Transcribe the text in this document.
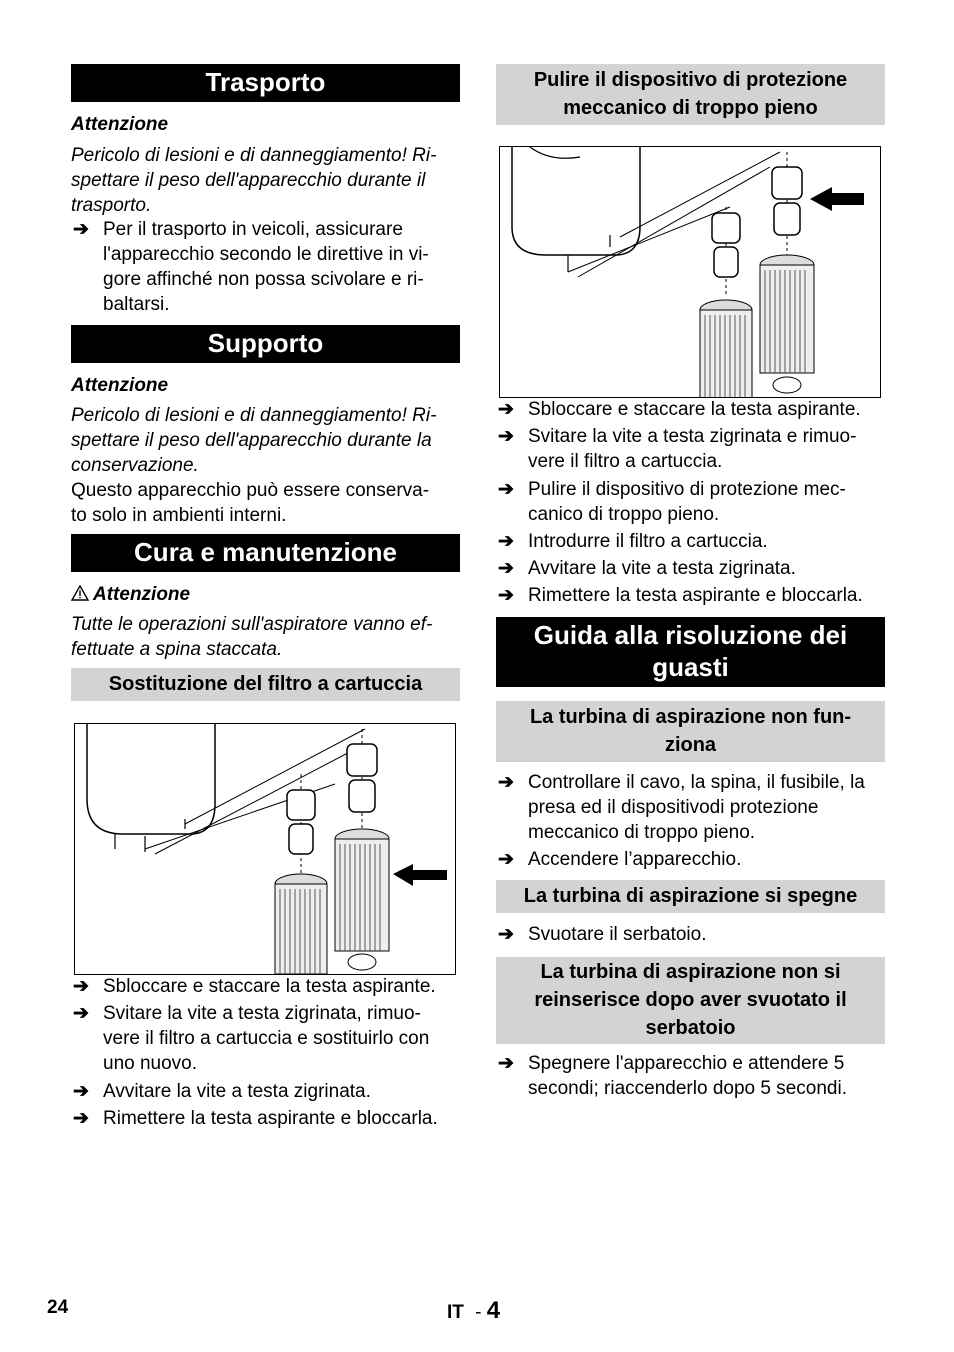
Trasporto
Attenzione
Pericolo di lesioni e di danneggiamento! Ri-
spettare il peso dell'apparecchio durante il
trasporto.
➔ Per il trasporto in veicoli, assicurare
l'apparecchio secondo le direttive in vi-
gore affinché non possa scivolare e ri-
baltarsi.
Supporto
Attenzione
Pericolo di lesioni e di danneggiamento! Ri-
spettare il peso dell'apparecchio durante la
conservazione.
Questo apparecchio può essere conserva-
to solo in ambienti interni.
Cura e manutenzione
Attenzione
Tutte le operazioni sull'aspiratore vanno ef-
fettuate a spina staccata.
Sostituzione del filtro a cartuccia
➔ Sbloccare e staccare la testa aspirante.
➔ Svitare la vite a testa zigrinata, rimuo-
vere il filtro a cartuccia e sostituirlo con
uno nuovo.
➔ Avvitare la vite a testa zigrinata.
➔ Rimettere la testa aspirante e bloccarla.
Pulire il dispositivo di protezione
meccanico di troppo pieno
➔ Sbloccare e staccare la testa aspirante.
➔ Svitare la vite a testa zigrinata e rimuo-
vere il filtro a cartuccia.
➔ Pulire il dispositivo di protezione mec-
canico di troppo pieno.
➔ Introdurre il filtro a cartuccia.
➔ Avvitare la vite a testa zigrinata.
➔ Rimettere la testa aspirante e bloccarla.
Guida alla risoluzione dei
guasti
La turbina di aspirazione non fun-
ziona
➔ Controllare il cavo, la spina, il fusibile, la
presa ed il dispositivodi protezione
meccanico di troppo pieno.
➔ Accendere l’apparecchio.
La turbina di aspirazione si spegne
➔ Svuotare il serbatoio.
La turbina di aspirazione non si
reinserisce dopo aver svuotato il
serbatoio
➔ Spegnere l'apparecchio e attendere 5
secondi; riaccenderlo dopo 5 secondi.
24	IT - 4
